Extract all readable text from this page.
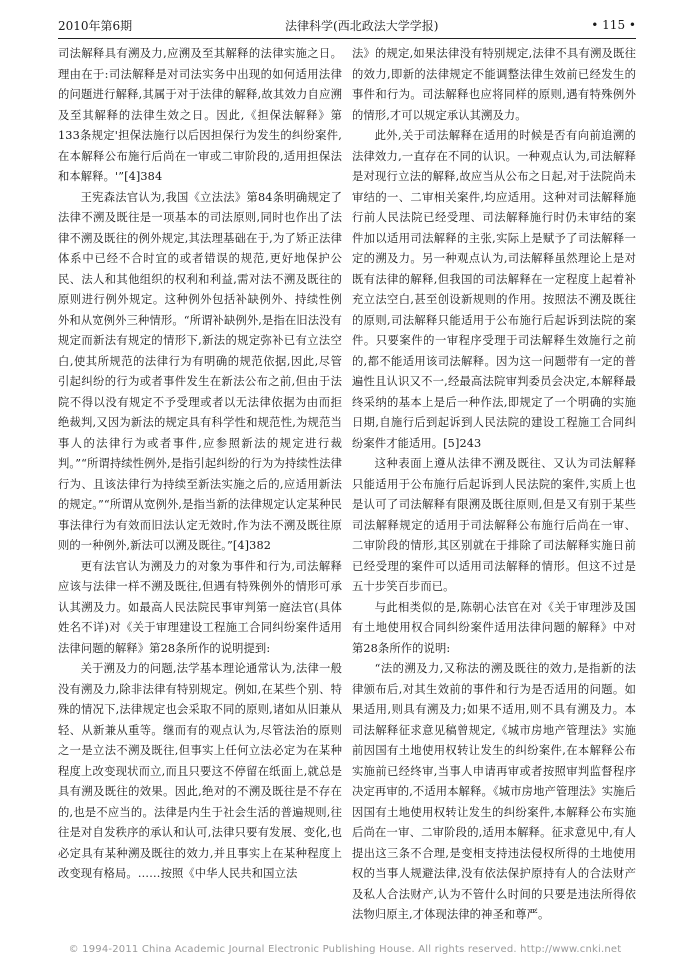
2010年第6期	法律科学(西北政法大学学报)	• 115 •

司法解释具有溯及力,应溯及至其解释的法律实施之日。理由在于:司法解释是对司法实务中出现的如何适用法律的问题进行解释,其属于对于法律的解释,故其效力自应溯及至其解释的法律生效之日。因此,《担保法解释》第133条规定'担保法施行以后因担保行为发生的纠纷案件,在本解释公布施行后尚在一审或二审阶段的,适用担保法和本解释。'”[4]384

王宪森法官认为,我国《立法法》第84条明确规定了法律不溯及既往是一项基本的司法原则,同时也作出了法律不溯及既往的例外规定,其法理基础在于,为了矫正法律体系中已经不合时宜的或者错误的规范,更好地保护公民、法人和其他组织的权利和利益,需对法不溯及既往的原则进行例外规定。这种例外包括补缺例外、持续性例外和从宽例外三种情形。“所谓补缺例外,是指在旧法没有规定而新法有规定的情形下,新法的规定弥补已有立法空白,使其所规范的法律行为有明确的规范依据,因此,尽管引起纠纷的行为或者事件发生在新法公布之前,但由于法院不得以没有规定不予受理或者以无法律依据为由而拒绝裁判,又因为新法的规定具有科学性和规范性,为规范当事人的法律行为或者事件,应参照新法的规定进行裁判。”“所谓持续性例外,是指引起纠纷的行为为持续性法律行为、且该法律行为持续至新法实施之后的,应适用新法的规定。”“所谓从宽例外,是指当新的法律规定认定某种民事法律行为有效而旧法认定无效时,作为法不溯及既往原则的一种例外,新法可以溯及既往。”[4]382

更有法官认为溯及力的对象为事件和行为,司法解释应该与法律一样不溯及既往,但遇有特殊例外的情形可承认其溯及力。如最高人民法院民事审判第一庭法官(具体姓名不详)对《关于审理建设工程施工合同纠纷案件适用法律问题的解释》第28条所作的说明提到:

关于溯及力的问题,法学基本理论通常认为,法律一般没有溯及力,除非法律有特别规定。例如,在某些个别、特殊的情况下,法律规定也会采取不同的原则,诸如从旧兼从轻、从新兼从重等。继而有的观点认为,尽管法治的原则之一是立法不溯及既往,但事实上任何立法必定为在某种程度上改变现状而立,而且只要这不停留在纸面上,就总是具有溯及既往的效果。因此,绝对的不溯及既往是不存在的,也是不应当的。法律是内生于社会生活的普遍规则,往往是对自发秩序的承认和认可,法律只要有发展、变化,也必定具有某种溯及既往的效力,并且事实上在某种程度上改变现有格局。……按照《中华人民共和国立法

法》的规定,如果法律没有特别规定,法律不具有溯及既往的效力,即新的法律规定不能调整法律生效前已经发生的事件和行为。司法解释也应将同样的原则,遇有特殊例外的情形,才可以规定承认其溯及力。

此外,关于司法解释在适用的时候是否有向前追溯的法律效力,一直存在不同的认识。一种观点认为,司法解释是对现行立法的解释,故应当从公布之日起,对于法院尚未审结的一、二审相关案件,均应适用。这种对司法解释施行前人民法院已经受理、司法解释施行时仍未审结的案件加以适用司法解释的主张,实际上是赋予了司法解释一定的溯及力。另一种观点认为,司法解释虽然理论上是对既有法律的解释,但我国的司法解释在一定程度上起着补充立法空白,甚至创设新规则的作用。按照法不溯及既往的原则,司法解释只能适用于公布施行后起诉到法院的案件。只要案件的一审程序受理于司法解释生效施行之前的,都不能适用该司法解释。因为这一问题带有一定的普遍性且认识又不一,经最高法院审判委员会决定,本解释最终采纳的基本上是后一种作法,即规定了一个明确的实施日期,自施行后到起诉到人民法院的建设工程施工合同纠纷案件才能适用。[5]243

这种表面上遵从法律不溯及既往、又认为司法解释只能适用于公布施行后起诉到人民法院的案件,实质上也是认可了司法解释有限溯及既往原则,但是又有别于某些司法解释规定的适用于司法解释公布施行后尚在一审、二审阶段的情形,其区别就在于排除了司法解释实施日前已经受理的案件可以适用司法解释的情形。但这不过是五十步笑百步而已。

与此相类似的是,陈朝心法官在对《关于审理涉及国有土地使用权合同纠纷案件适用法律问题的解释》中对第28条所作的说明:

“法的溯及力,又称法的溯及既往的效力,是指新的法律颁布后,对其生效前的事件和行为是否适用的问题。如果适用,则具有溯及力;如果不适用,则不具有溯及力。本司法解释征求意见稿曾规定,《城市房地产管理法》实施前因国有土地使用权转让发生的纠纷案件,在本解释公布实施前已经终审,当事人申请再审或者按照审判监督程序决定再审的,不适用本解释。《城市房地产管理法》实施后因国有土地使用权转让发生的纠纷案件,本解释公布实施后尚在一审、二审阶段的,适用本解释。征求意见中,有人提出这三条不合理,是变相支持违法侵权所得的土地使用权的当事人规避法律,没有依法保护原持有人的合法财产及私人合法财产,认为不管什么时间的只要是违法所得依法物归原主,才体现法律的神圣和尊严。

© 1994-2011 China Academic Journal Electronic Publishing House. All rights reserved. http://www.cnki.net
